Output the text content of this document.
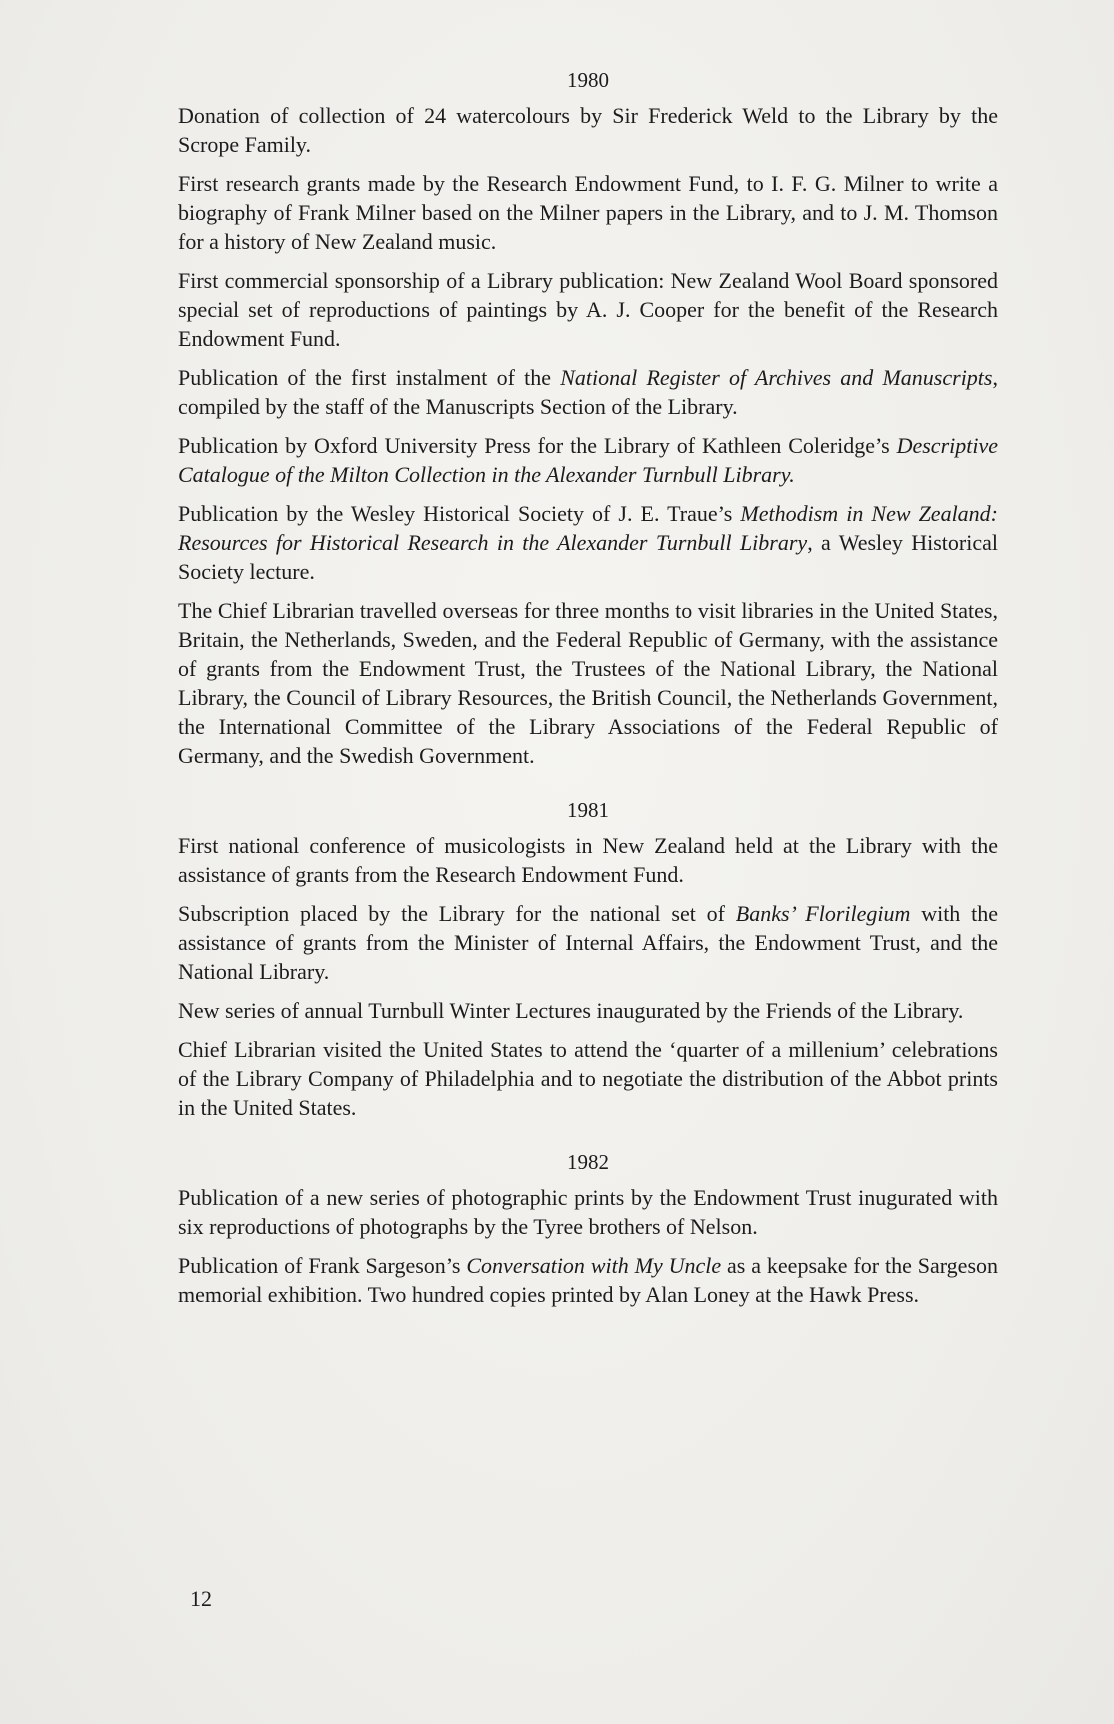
1980

Donation of collection of 24 watercolours by Sir Frederick Weld to the Library by the Scrope Family.

First research grants made by the Research Endowment Fund, to I. F. G. Milner to write a biography of Frank Milner based on the Milner papers in the Library, and to J. M. Thomson for a history of New Zealand music.

First commercial sponsorship of a Library publication: New Zealand Wool Board sponsored special set of reproductions of paintings by A. J. Cooper for the benefit of the Research Endowment Fund.

Publication of the first instalment of the National Register of Archives and Manuscripts, compiled by the staff of the Manuscripts Section of the Library.

Publication by Oxford University Press for the Library of Kathleen Coleridge’s Descriptive Catalogue of the Milton Collection in the Alexander Turnbull Library.

Publication by the Wesley Historical Society of J. E. Traue’s Methodism in New Zealand: Resources for Historical Research in the Alexander Turnbull Library, a Wesley Historical Society lecture.

The Chief Librarian travelled overseas for three months to visit libraries in the United States, Britain, the Netherlands, Sweden, and the Federal Republic of Germany, with the assistance of grants from the Endowment Trust, the Trustees of the National Library, the National Library, the Council of Library Resources, the British Council, the Netherlands Government, the International Committee of the Library Associations of the Federal Republic of Germany, and the Swedish Government.

1981

First national conference of musicologists in New Zealand held at the Library with the assistance of grants from the Research Endowment Fund.

Subscription placed by the Library for the national set of Banks’ Florilegium with the assistance of grants from the Minister of Internal Affairs, the Endowment Trust, and the National Library.

New series of annual Turnbull Winter Lectures inaugurated by the Friends of the Library.

Chief Librarian visited the United States to attend the ‘quarter of a millenium’ celebrations of the Library Company of Philadelphia and to negotiate the distribution of the Abbot prints in the United States.

1982

Publication of a new series of photographic prints by the Endowment Trust inugurated with six reproductions of photographs by the Tyree brothers of Nelson.

Publication of Frank Sargeson’s Conversation with My Uncle as a keepsake for the Sargeson memorial exhibition. Two hundred copies printed by Alan Loney at the Hawk Press.

12
